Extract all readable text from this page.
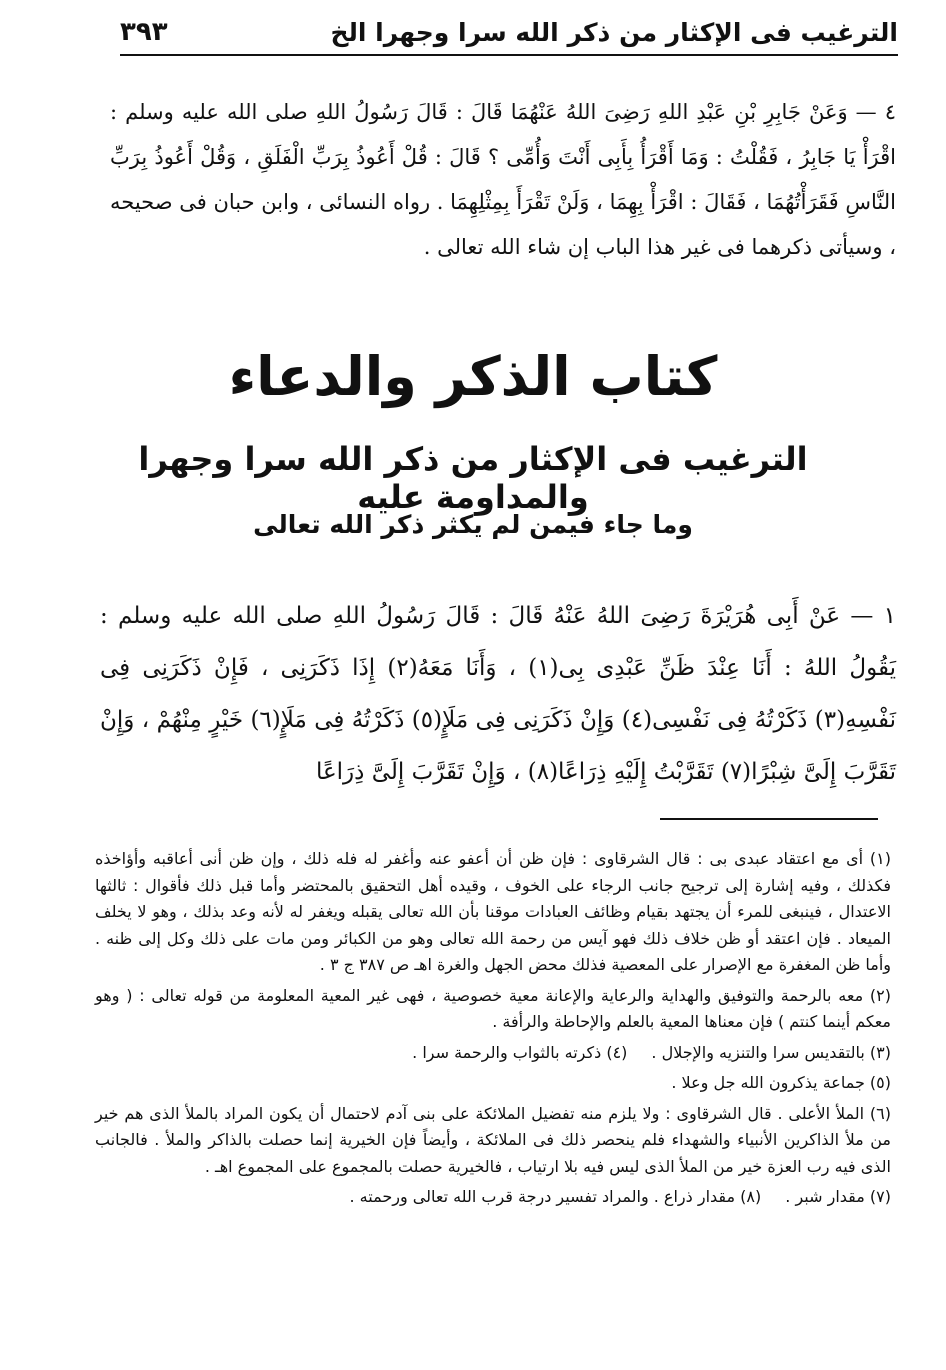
الترغيب فى الإكثار من ذكر الله سرا وجهرا الخ
٣٩٣

٤ — وَعَنْ جَابِرِ بْنِ عَبْدِ اللهِ رَضِىَ اللهُ عَنْهُمَا قَالَ : قَالَ رَسُولُ اللهِ صلى الله عليه وسلم : اقْرَأْ يَا جَابِرُ ، فَقُلْتُ : وَمَا أَقْرَأُ بِأَبِى أَنْتَ وَأُمِّى ؟ قَالَ : قُلْ أَعُوذُ بِرَبِّ الْفَلَقِ ، وَقُلْ أَعُوذُ بِرَبِّ النَّاسِ فَقَرَأْتُهُمَا ، فَقَالَ : اقْرَأْ بِهِمَا ، وَلَنْ تَقْرَأَ بِمِثْلِهِمَا . رواه النسائى ، وابن حبان فى صحيحه ، وسيأتى ذكرهما فى غير هذا الباب إن شاء الله تعالى .

كتاب الذكر والدعاء
الترغيب فى الإكثار من ذكر الله سرا وجهرا والمداومة عليه
وما جاء فيمن لم يكثر ذكر الله تعالى

١ — عَنْ أَبِى هُرَيْرَةَ رَضِىَ اللهُ عَنْهُ قَالَ : قَالَ رَسُولُ اللهِ صلى الله عليه وسلم : يَقُولُ اللهُ : أَنَا عِنْدَ ظَنِّ عَبْدِى بِى(١) ، وَأَنَا مَعَهُ(٢) إِذَا ذَكَرَنِى ، فَإِنْ ذَكَرَنِى فِى نَفْسِهِ(٣) ذَكَرْتُهُ فِى نَفْسِى(٤) وَإِنْ ذَكَرَنِى فِى مَلَإٍ(٥) ذَكَرْتُهُ فِى مَلَإٍ(٦) خَيْرٍ مِنْهُمْ ، وَإِنْ تَقَرَّبَ إِلَىَّ شِبْرًا(٧) تَقَرَّبْتُ إِلَيْهِ ذِرَاعًا(٨) ، وَإِنْ تَقَرَّبَ إِلَىَّ ذِرَاعًا

(١) أى مع اعتقاد عبدى بى : قال الشرقاوى : فإن ظن أن أعفو عنه وأغفر له فله ذلك ، وإن ظن أنى أعاقبه وأؤاخذه فكذلك ، وفيه إشارة إلى ترجيح جانب الرجاء على الخوف ، وقيده أهل التحقيق بالمحتضر وأما قبل ذلك فأقوال : ثالثها الاعتدال ، فينبغى للمرء أن يجتهد بقيام وظائف العبادات موقنا بأن الله تعالى يقبله ويغفر له لأنه وعد بذلك ، وهو لا يخلف الميعاد . فإن اعتقد أو ظن خلاف ذلك فهو آيس من رحمة الله تعالى وهو من الكبائر ومن مات على ذلك وكل إلى ظنه . وأما ظن المغفرة مع الإصرار على المعصية فذلك محض الجهل والغرة اهـ ص ٣٨٧ ج ٣ .

(٢) معه بالرحمة والتوفيق والهداية والرعاية والإعانة معية خصوصية ، فهى غير المعية المعلومة من قوله تعالى : ( وهو معكم أينما كنتم ) فإن معناها المعية بالعلم والإحاطة والرأفة .

(٣) بالتقديس سرا والتنزيه والإجلال .
(٤) ذكرته بالثواب والرحمة سرا .

(٥) جماعة يذكرون الله جل وعلا .

(٦) الملأ الأعلى . قال الشرقاوى : ولا يلزم منه تفضيل الملائكة على بنى آدم لاحتمال أن يكون المراد بالملأ الذى هم خير من ملأ الذاكرين الأنبياء والشهداء فلم ينحصر ذلك فى الملائكة ، وأيضاً فإن الخيرية إنما حصلت بالذاكر والملأ . فالجانب الذى فيه رب العزة خير من الملأ الذى ليس فيه بلا ارتياب ، فالخيرية حصلت بالمجموع على المجموع اهـ .

(٧) مقدار شبر .
(٨) مقدار ذراع . والمراد تفسير درجة قرب الله تعالى ورحمته .
